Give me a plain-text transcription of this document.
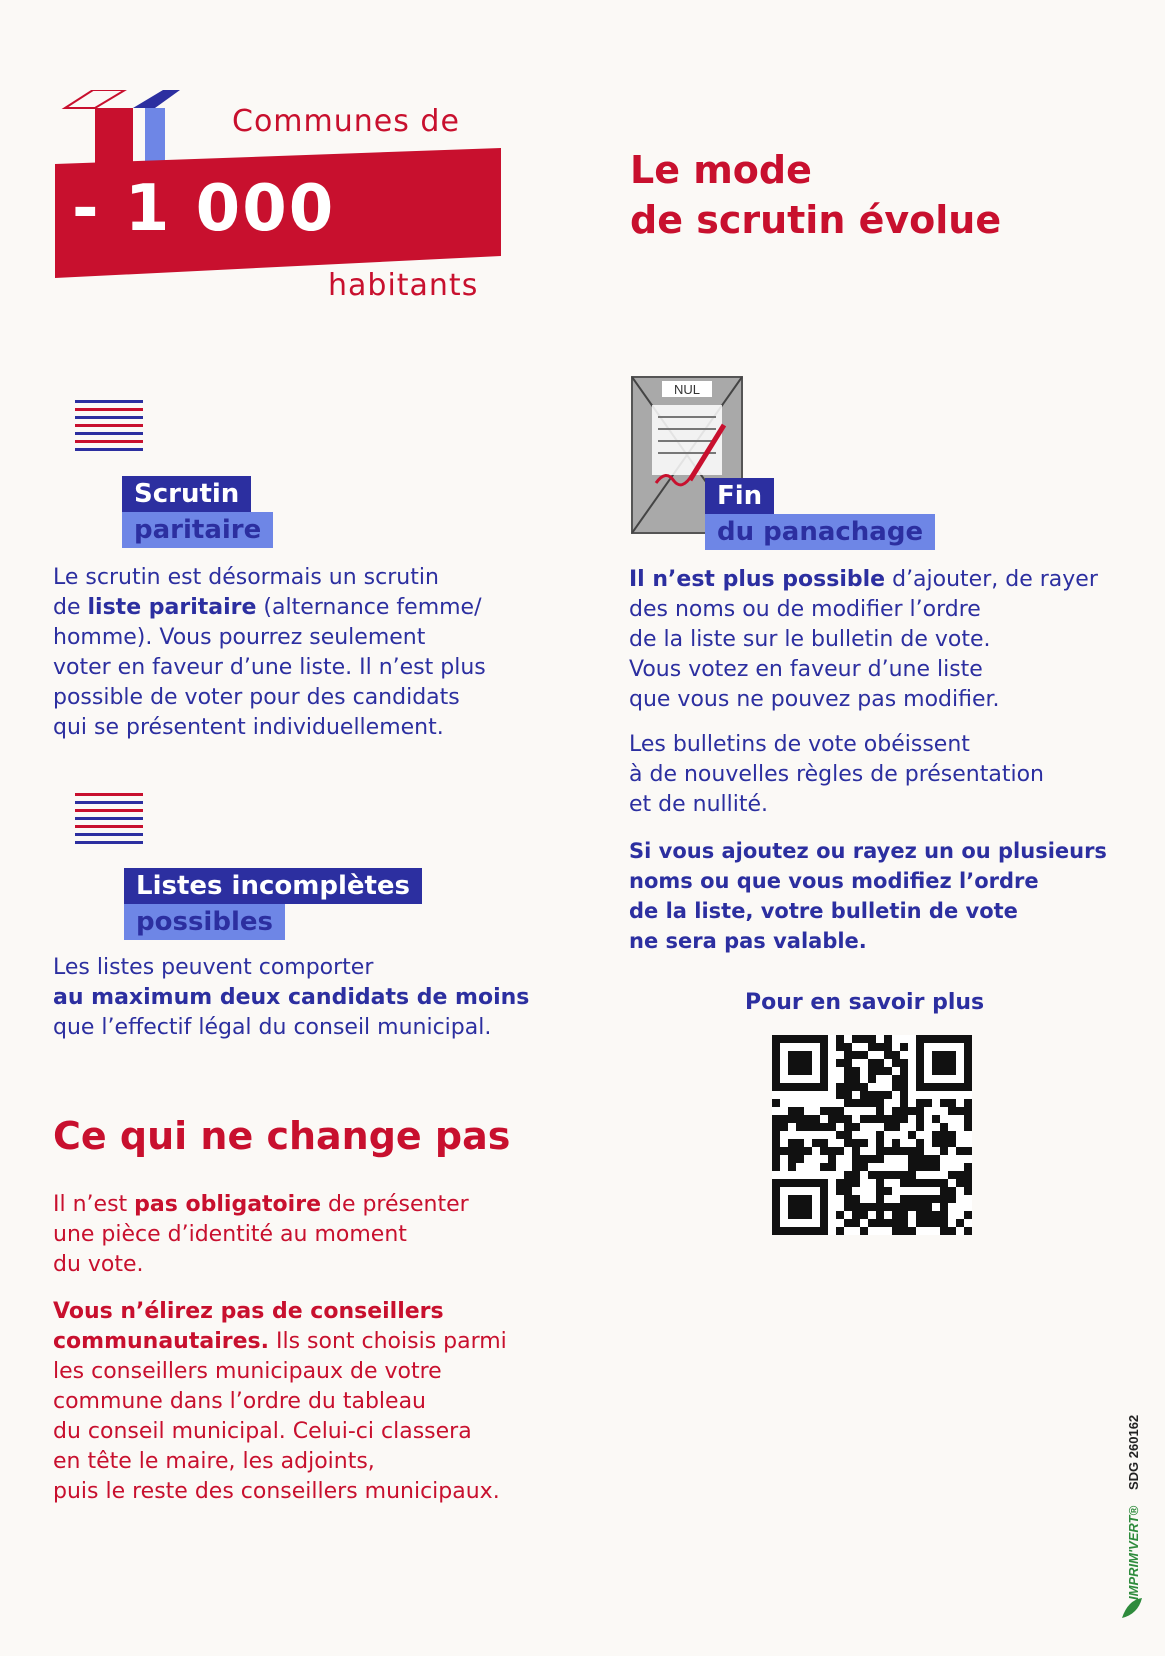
Communes de
- 1 000
habitants
Le mode
de scrutin évolue
Scrutin
paritaire
Le scrutin est désormais un scrutin
de liste paritaire (alternance femme/
homme). Vous pourrez seulement
voter en faveur d’une liste. Il n’est plus
possible de voter pour des candidats
qui se présentent individuellement.
Listes incomplètes
possibles
Les listes peuvent comporter
au maximum deux candidats de moins
que l’effectif légal du conseil municipal.
Ce qui ne change pas
Il n’est pas obligatoire de présenter
une pièce d’identité au moment
du vote.
Vous n’élirez pas de conseillers
communautaires. Ils sont choisis parmi
les conseillers municipaux de votre
commune dans l’ordre du tableau
du conseil municipal. Celui-ci classera
en tête le maire, les adjoints,
puis le reste des conseillers municipaux.
NUL
Fin
du panachage
Il n’est plus possible d’ajouter, de rayer
des noms ou de modifier l’ordre
de la liste sur le bulletin de vote.
Vous votez en faveur d’une liste
que vous ne pouvez pas modifier.
Les bulletins de vote obéissent
à de nouvelles règles de présentation
et de nullité.
Si vous ajoutez ou rayez un ou plusieurs
noms ou que vous modifiez l’ordre
de la liste, votre bulletin de vote
ne sera pas valable.
Pour en savoir plus
IMPRIM'VERT®
SDG 260162
